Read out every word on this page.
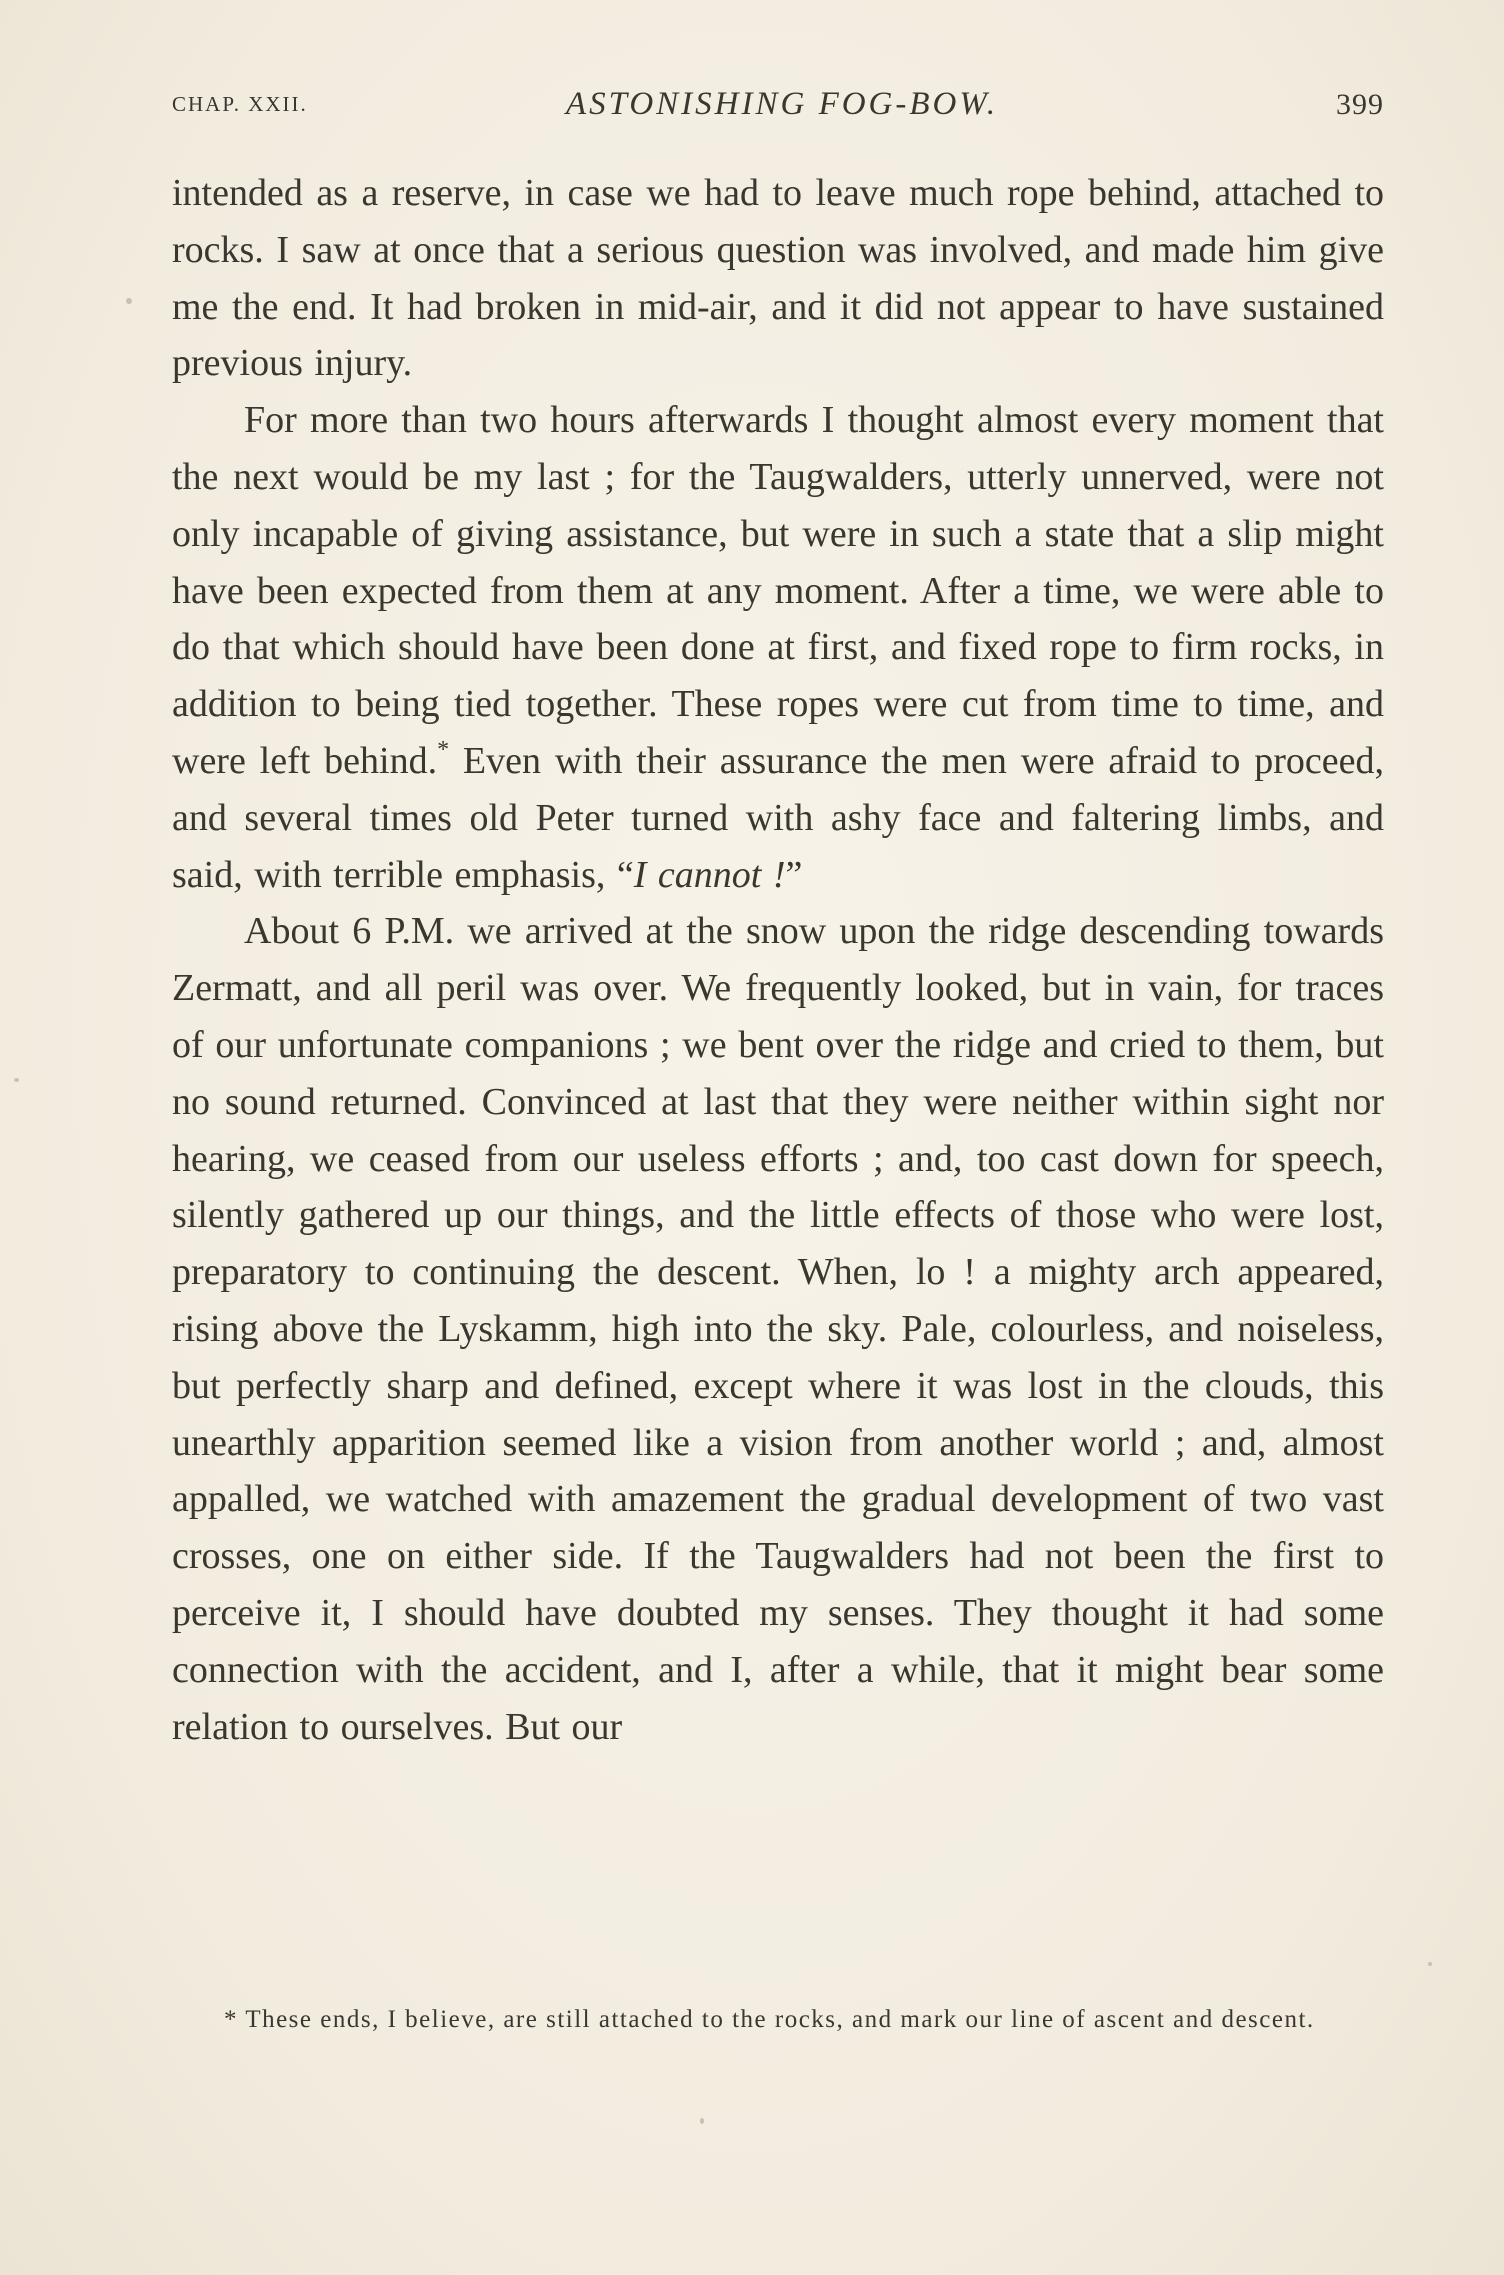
CHAP. XXII.	ASTONISHING FOG-BOW.	399

intended as a reserve, in case we had to leave much rope behind, attached to rocks. I saw at once that a serious question was involved, and made him give me the end. It had broken in mid-air, and it did not appear to have sustained previous injury.

For more than two hours afterwards I thought almost every moment that the next would be my last ; for the Taugwalders, utterly unnerved, were not only incapable of giving assistance, but were in such a state that a slip might have been expected from them at any moment. After a time, we were able to do that which should have been done at first, and fixed rope to firm rocks, in addition to being tied together. These ropes were cut from time to time, and were left behind.* Even with their assurance the men were afraid to proceed, and several times old Peter turned with ashy face and faltering limbs, and said, with terrible emphasis, “I cannot !”

About 6 P.M. we arrived at the snow upon the ridge descending towards Zermatt, and all peril was over. We frequently looked, but in vain, for traces of our unfortunate companions ; we bent over the ridge and cried to them, but no sound returned. Convinced at last that they were neither within sight nor hearing, we ceased from our useless efforts ; and, too cast down for speech, silently gathered up our things, and the little effects of those who were lost, preparatory to continuing the descent. When, lo ! a mighty arch appeared, rising above the Lyskamm, high into the sky. Pale, colourless, and noiseless, but perfectly sharp and defined, except where it was lost in the clouds, this unearthly apparition seemed like a vision from another world ; and, almost appalled, we watched with amazement the gradual development of two vast crosses, one on either side. If the Taugwalders had not been the first to perceive it, I should have doubted my senses. They thought it had some connection with the accident, and I, after a while, that it might bear some relation to ourselves. But our

* These ends, I believe, are still attached to the rocks, and mark our line of ascent and descent.
